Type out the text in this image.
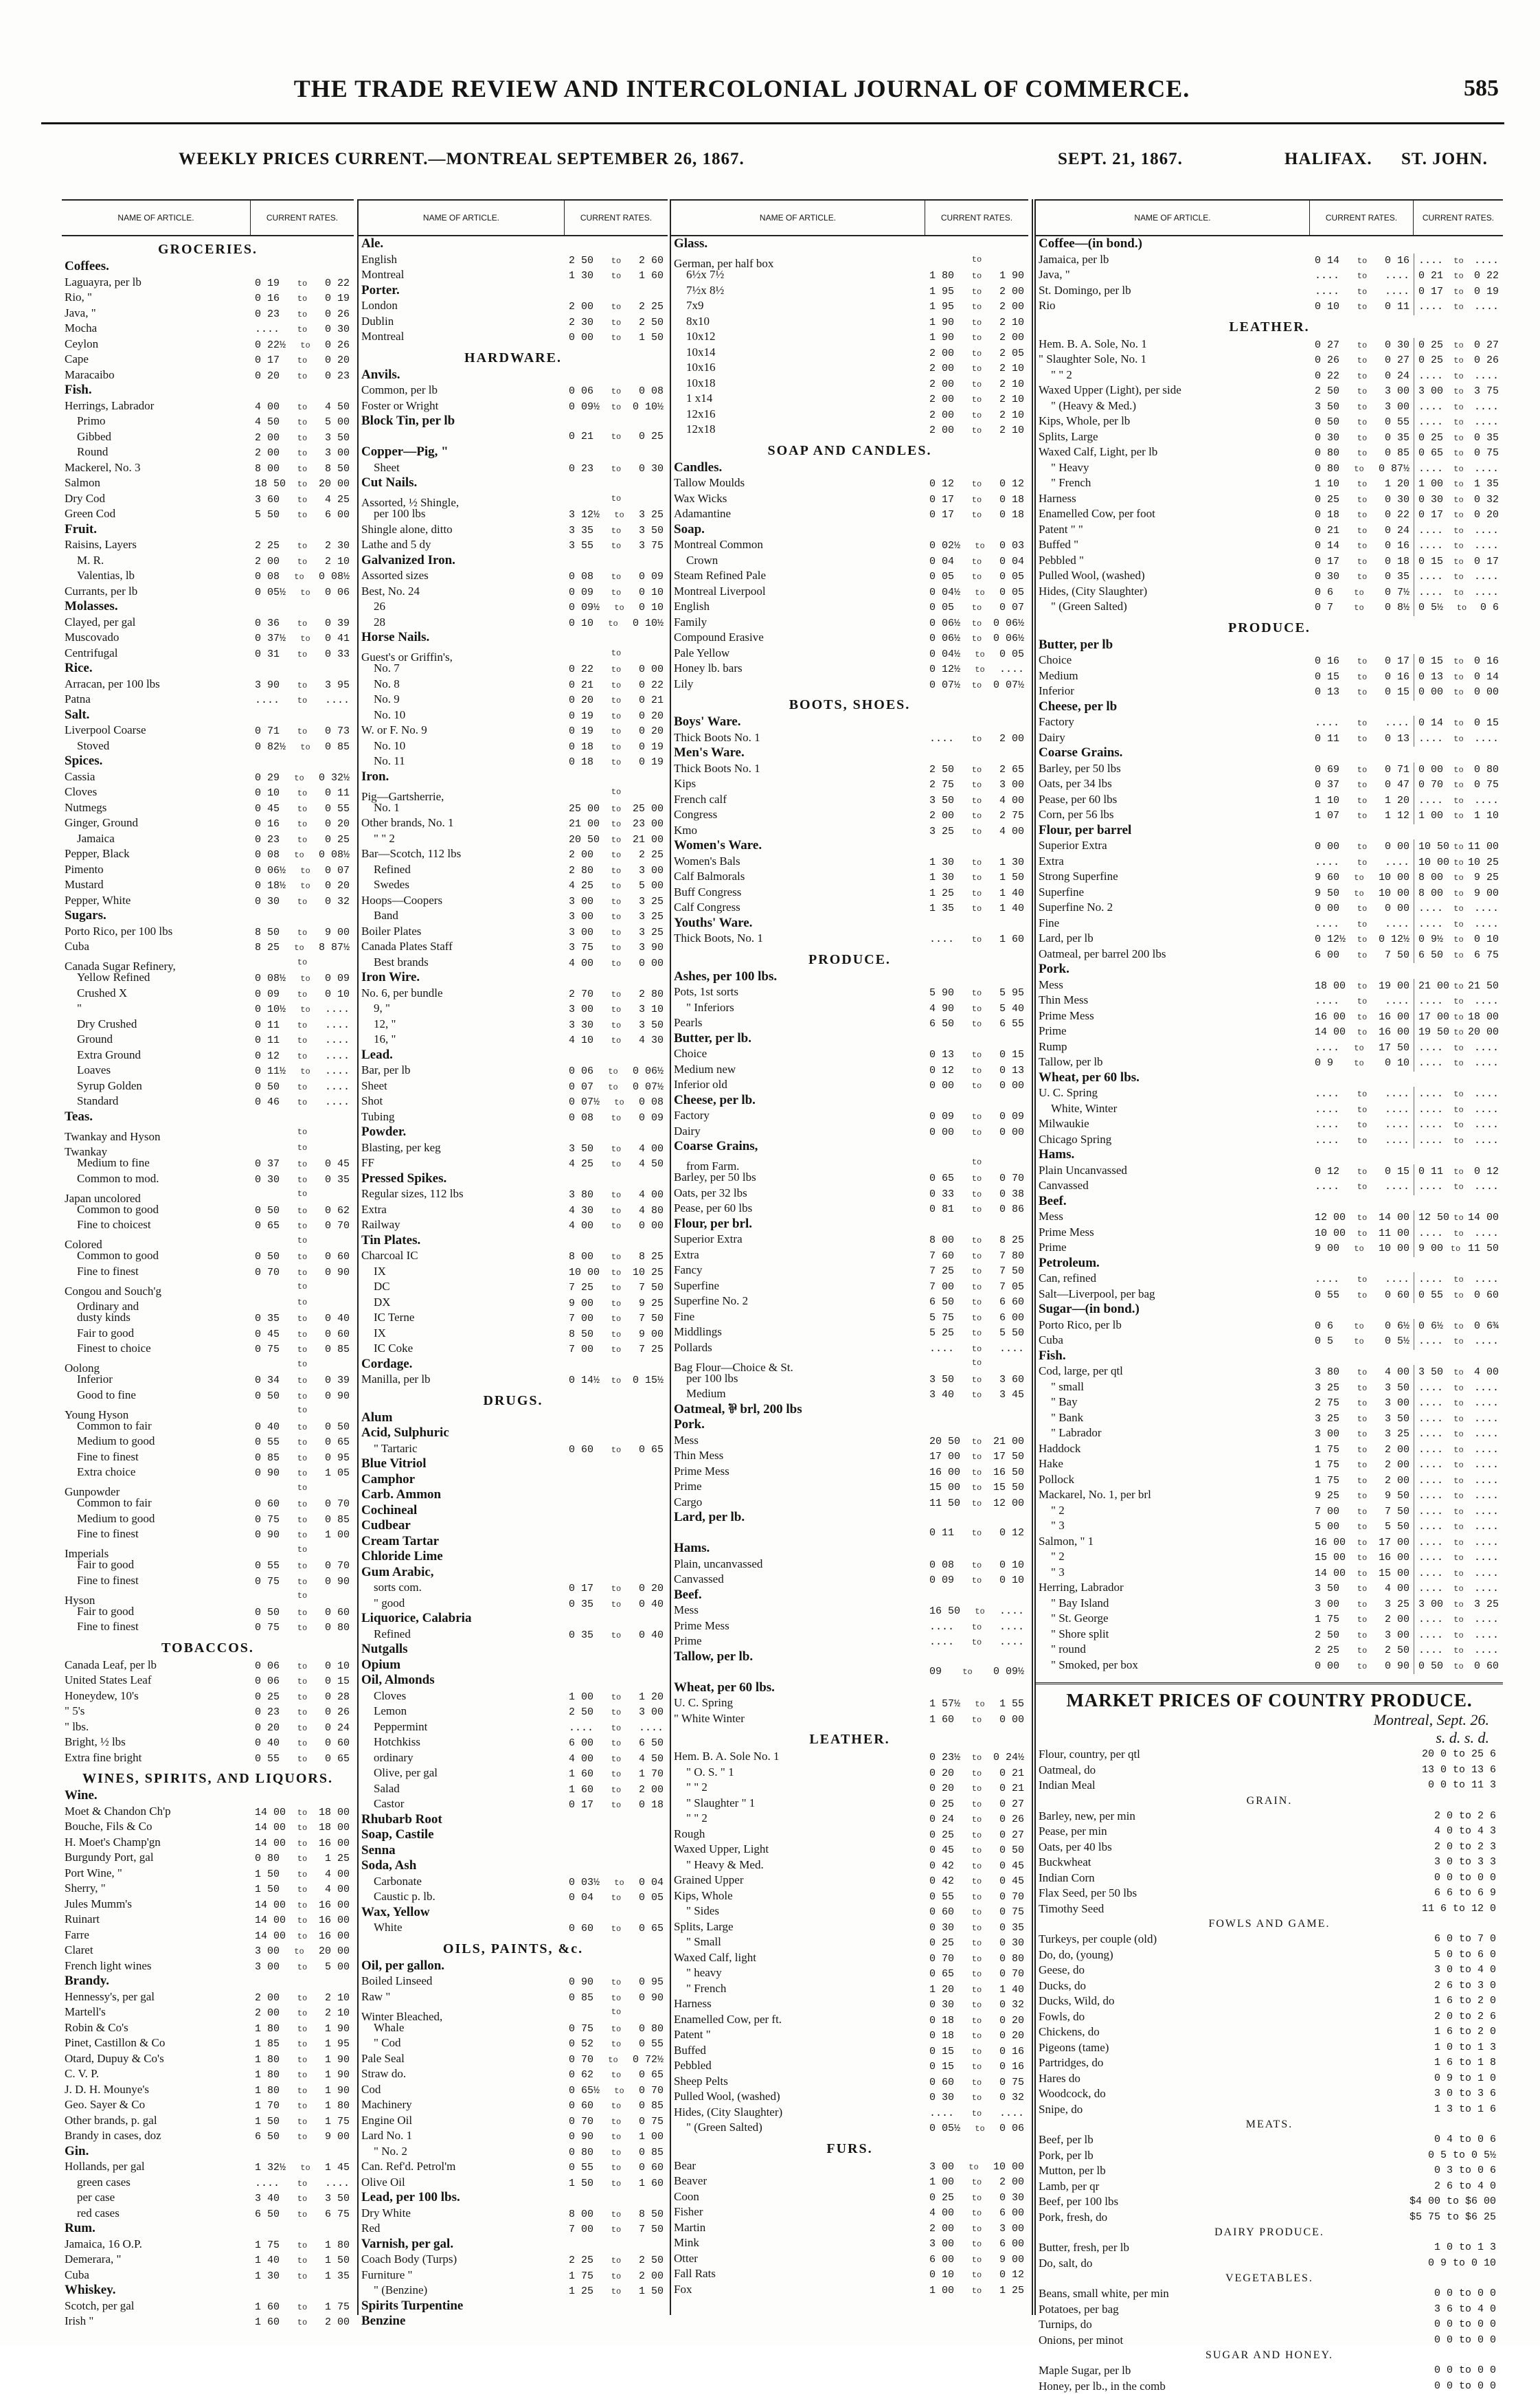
THE TRADE REVIEW AND INTERCOLONIAL JOURNAL OF COMMERCE.	585
WEEKLY PRICES CURRENT.—MONTREAL SEPTEMBER 26, 1867.	SEPT. 21, 1867.	HALIFAX. ST. JOHN.
NAME OF ARTICLE.	CURRENT RATES.
GROCERIES.
Coffees.
Laguayra, per lb	0 19 to 0 22
Rio, "	0 16 to 0 19
Java, "	0 23 to 0 26
Mocha	.... to 0 30
Ceylon	0 22½ to 0 26
Cape	0 17 to 0 20
Maracaibo	0 20 to 0 23
Fish.
Herrings, Labrador	4 00 to 4 50
Primo	4 50 to 5 00
Gibbed	2 00 to 3 50
Round	2 00 to 3 00
Mackerel, No. 3	8 00 to 8 50
Salmon	18 50 to 20 00
Dry Cod	3 60 to 4 25
Green Cod	5 50 to 6 00
Fruit.
Raisins, Layers	2 25 to 2 30
M. R.	2 00 to 2 10
Valentias, lb	0 08 to 0 08½
Currants, per lb	0 05½ to 0 06
Molasses.
Clayed, per gal	0 36 to 0 39
Muscovado	0 37½ to 0 41
Centrifugal	0 31 to 0 33
Rice.
Arracan, per 100 lbs	3 90 to 3 95
Patna	.... to ....
Salt.
Liverpool Coarse	0 71 to 0 73
Stoved	0 82½ to 0 85
Spices.
Cassia	0 29 to 0 32½
Cloves	0 10 to 0 11
Nutmegs	0 45 to 0 55
Ginger, Ground	0 16 to 0 20
Jamaica	0 23 to 0 25
Pepper, Black	0 08 to 0 08½
Pimento	0 06½ to 0 07
Mustard	0 18½ to 0 20
Pepper, White	0 30 to 0 32
Sugars.
Porto Rico, per 100 lbs	8 50 to 9 00
Cuba	8 25 to 8 87½
Canada Sugar Refinery,	to
Yellow Refined	0 08½ to 0 09
Crushed X	0 09 to 0 10
"	0 10½ to ....
Dry Crushed	0 11 to ....
Ground	0 11 to ....
Extra Ground	0 12 to ....
Loaves	0 11½ to ....
Syrup Golden	0 50 to ....
Standard	0 46 to ....
Teas.
Twankay and Hyson	to
Twankay	to
Medium to fine	0 37 to 0 45
Common to mod.	0 30 to 0 35
Japan uncolored	to
Common to good	0 50 to 0 62
Fine to choicest	0 65 to 0 70
Colored	to
Common to good	0 50 to 0 60
Fine to finest	0 70 to 0 90
Congou and Souch'g	to
Ordinary and	to
dusty kinds	0 35 to 0 40
Fair to good	0 45 to 0 60
Finest to choice	0 75 to 0 85
Oolong	to
Inferior	0 34 to 0 39
Good to fine	0 50 to 0 90
Young Hyson	to
Common to fair	0 40 to 0 50
Medium to good	0 55 to 0 65
Fine to finest	0 85 to 0 95
Extra choice	0 90 to 1 05
Gunpowder	to
Common to fair	0 60 to 0 70
Medium to good	0 75 to 0 85
Fine to finest	0 90 to 1 00
Imperials	to
Fair to good	0 55 to 0 70
Fine to finest	0 75 to 0 90
Hyson	to
Fair to good	0 50 to 0 60
Fine to finest	0 75 to 0 80
TOBACCOS.
Canada Leaf, per lb	0 06 to 0 10
United States Leaf	0 06 to 0 15
Honeydew, 10's	0 25 to 0 28
" 5's	0 23 to 0 26
" lbs.	0 20 to 0 24
Bright, ½ lbs	0 40 to 0 60
Extra fine bright	0 55 to 0 65
WINES, SPIRITS, AND LIQUORS.
Wine.
Moet & Chandon Ch'p	14 00 to 18 00
Bouche, Fils & Co	14 00 to 18 00
H. Moet's Champ'gn	14 00 to 16 00
Burgundy Port, gal	0 80 to 1 25
Port Wine, "	1 50 to 4 00
Sherry, "	1 50 to 4 00
Jules Mumm's	14 00 to 16 00
Ruinart	14 00 to 16 00
Farre	14 00 to 16 00
Claret	3 00 to 20 00
French light wines	3 00 to 5 00
Brandy.
Hennessy's, per gal	2 00 to 2 10
Martell's	2 00 to 2 10
Robin & Co's	1 80 to 1 90
Pinet, Castillon & Co	1 85 to 1 95
Otard, Dupuy & Co's	1 80 to 1 90
C. V. P.	1 80 to 1 90
J. D. H. Mounye's	1 80 to 1 90
Geo. Sayer & Co	1 70 to 1 80
Other brands, p. gal	1 50 to 1 75
Brandy in cases, doz	6 50 to 9 00
Gin.
Hollands, per gal	1 32½ to 1 45
green cases	.... to ....
per case	3 40 to 3 50
red cases	6 50 to 6 75
Rum.
Jamaica, 16 O.P.	1 75 to 1 80
Demerara, "	1 40 to 1 50
Cuba	1 30 to 1 35
Whiskey.
Scotch, per gal	1 60 to 1 75
Irish "	1 60 to 2 00
NAME OF ARTICLE.	CURRENT RATES.
Ale.
English	2 50 to 2 60
Montreal	1 30 to 1 60
Porter.
London	2 00 to 2 25
Dublin	2 30 to 2 50
Montreal	0 00 to 1 50
HARDWARE.
Anvils.
Common, per lb	0 06 to 0 08
Foster or Wright	0 09½ to 0 10½
Block Tin, per lb
0 21 to 0 25
Copper—Pig, "
Sheet	0 23 to 0 30
Cut Nails.
Assorted, ½ Shingle,	to
per 100 lbs	3 12½ to 3 25
Shingle alone, ditto	3 35 to 3 50
Lathe and 5 dy	3 55 to 3 75
Galvanized Iron.
Assorted sizes	0 08 to 0 09
Best, No. 24	0 09 to 0 10
26	0 09½ to 0 10
28	0 10 to 0 10½
Horse Nails.
Guest's or Griffin's,	to
No. 7	0 22 to 0 00
No. 8	0 21 to 0 22
No. 9	0 20 to 0 21
No. 10	0 19 to 0 20
W. or F. No. 9	0 19 to 0 20
No. 10	0 18 to 0 19
No. 11	0 18 to 0 19
Iron.
Pig—Gartsherrie,	to
No. 1	25 00 to 25 00
Other brands, No. 1	21 00 to 23 00
" " 2	20 50 to 21 00
Bar—Scotch, 112 lbs	2 00 to 2 25
Refined	2 80 to 3 00
Swedes	4 25 to 5 00
Hoops—Coopers	3 00 to 3 25
Band	3 00 to 3 25
Boiler Plates	3 00 to 3 25
Canada Plates Staff	3 75 to 3 90
Best brands	4 00 to 0 00
Iron Wire.
No. 6, per bundle	2 70 to 2 80
9, "	3 00 to 3 10
12, "	3 30 to 3 50
16, "	4 10 to 4 30
Lead.
Bar, per lb	0 06 to 0 06½
Sheet	0 07 to 0 07½
Shot	0 07½ to 0 08
Tubing	0 08 to 0 09
Powder.
Blasting, per keg	3 50 to 4 00
FF	4 25 to 4 50
Pressed Spikes.
Regular sizes, 112 lbs	3 80 to 4 00
Extra	4 30 to 4 80
Railway	4 00 to 0 00
Tin Plates.
Charcoal IC	8 00 to 8 25
IX	10 00 to 10 25
DC	7 25 to 7 50
DX	9 00 to 9 25
IC Terne	7 00 to 7 50
IX	8 50 to 9 00
IC Coke	7 00 to 7 25
Cordage.
Manilla, per lb	0 14½ to 0 15½
DRUGS.
Alum
Acid, Sulphuric
" Tartaric	0 60 to 0 65
Blue Vitriol
Camphor
Carb. Ammon
Cochineal
Cudbear
Cream Tartar
Chloride Lime
Gum Arabic,
sorts com.	0 17 to 0 20
" good	0 35 to 0 40
Liquorice, Calabria
Refined	0 35 to 0 40
Nutgalls
Opium
Oil, Almonds
Cloves	1 00 to 1 20
Lemon	2 50 to 3 00
Peppermint	.... to ....
Hotchkiss	6 00 to 6 50
ordinary	4 00 to 4 50
Olive, per gal	1 60 to 1 70
Salad	1 60 to 2 00
Castor	0 17 to 0 18
Rhubarb Root
Soap, Castile
Senna
Soda, Ash
Carbonate	0 03½ to 0 04
Caustic p. lb.	0 04 to 0 05
Wax, Yellow
White	0 60 to 0 65
OILS, PAINTS, &c.
Oil, per gallon.
Boiled Linseed	0 90 to 0 95
Raw "	0 85 to 0 90
Winter Bleached,	to
Whale	0 75 to 0 80
" Cod	0 52 to 0 55
Pale Seal	0 70 to 0 72½
Straw do.	0 62 to 0 65
Cod	0 65½ to 0 70
Machinery	0 60 to 0 85
Engine Oil	0 70 to 0 75
Lard No. 1	0 90 to 1 00
" No. 2	0 80 to 0 85
Can. Ref'd. Petrol'm	0 55 to 0 60
Olive Oil	1 50 to 1 60
Lead, per 100 lbs.
Dry White	8 00 to 8 50
Red	7 00 to 7 50
Varnish, per gal.
Coach Body (Turps)	2 25 to 2 50
Furniture "	1 75 to 2 00
" (Benzine)	1 25 to 1 50
Spirits Turpentine
Benzine
NAME OF ARTICLE.	CURRENT RATES.
Glass.
German, per half box	to
6½x 7½	1 80 to 1 90
7½x 8½	1 95 to 2 00
7x9	1 95 to 2 00
8x10	1 90 to 2 10
10x12	1 90 to 2 00
10x14	2 00 to 2 05
10x16	2 00 to 2 10
10x18	2 00 to 2 10
1 x14	2 00 to 2 10
12x16	2 00 to 2 10
12x18	2 00 to 2 10
SOAP AND CANDLES.
Candles.
Tallow Moulds	0 12 to 0 12
Wax Wicks	0 17 to 0 18
Adamantine	0 17 to 0 18
Soap.
Montreal Common	0 02½ to 0 03
Crown	0 04 to 0 04
Steam Refined Pale	0 05 to 0 05
Montreal Liverpool	0 04½ to 0 05
English	0 05 to 0 07
Family	0 06½ to 0 06½
Compound Erasive	0 06½ to 0 06½
Pale Yellow	0 04½ to 0 05
Honey lb. bars	0 12½ to ....
Lily	0 07½ to 0 07½
BOOTS, SHOES.
Boys' Ware.
Thick Boots No. 1	.... to 2 00
Men's Ware.
Thick Boots No. 1	2 50 to 2 65
Kips	2 75 to 3 00
French calf	3 50 to 4 00
Congress	2 00 to 2 75
Kmo	3 25 to 4 00
Women's Ware.
Women's Bals	1 30 to 1 30
Calf Balmorals	1 30 to 1 50
Buff Congress	1 25 to 1 40
Calf Congress	1 35 to 1 40
Youths' Ware.
Thick Boots, No. 1	.... to 1 60
PRODUCE.
Ashes, per 100 lbs.
Pots, 1st sorts	5 90 to 5 95
" Inferiors	4 90 to 5 40
Pearls	6 50 to 6 55
Butter, per lb.
Choice	0 13 to 0 15
Medium new	0 12 to 0 13
Inferior old	0 00 to 0 00
Cheese, per lb.
Factory	0 09 to 0 09
Dairy	0 00 to 0 00
Coarse Grains,
from Farm.	to
Barley, per 50 lbs	0 65 to 0 70
Oats, per 32 lbs	0 33 to 0 38
Pease, per 60 lbs	0 81 to 0 86
Flour, per brl.
Superior Extra	8 00 to 8 25
Extra	7 60 to 7 80
Fancy	7 25 to 7 50
Superfine	7 00 to 7 05
Superfine No. 2	6 50 to 6 60
Fine	5 75 to 6 00
Middlings	5 25 to 5 50
Pollards	.... to ....
Bag Flour—Choice & St.	to
per 100 lbs	3 50 to 3 60
Medium	3 40 to 3 45
Oatmeal, ⅌ brl, 200 lbs
Pork.
Mess	20 50 to 21 00
Thin Mess	17 00 to 17 50
Prime Mess	16 00 to 16 50
Prime	15 00 to 15 50
Cargo	11 50 to 12 00
Lard, per lb.
0 11 to 0 12
Hams.
Plain, uncanvassed	0 08 to 0 10
Canvassed	0 09 to 0 10
Beef.
Mess	16 50 to ....
Prime Mess	.... to ....
Prime	.... to ....
Tallow, per lb.
09	to 0 09½
Wheat, per 60 lbs.
U. C. Spring	1 57½ to 1 55
" White Winter	1 60 to 0 00
LEATHER.
Hem. B. A. Sole No. 1	0 23½ to 0 24½
" O. S. " 1	0 20 to 0 21
" " 2	0 20 to 0 21
" Slaughter " 1	0 25 to 0 27
" " 2	0 24 to 0 26
Rough	0 25 to 0 27
Waxed Upper, Light	0 45 to 0 50
" Heavy & Med.	0 42 to 0 45
Grained Upper	0 42 to 0 45
Kips, Whole	0 55 to 0 70
" Sides	0 60 to 0 75
Splits, Large	0 30 to 0 35
" Small	0 25 to 0 30
Waxed Calf, light	0 70 to 0 80
" heavy	0 65 to 0 70
" French	1 20 to 1 40
Harness	0 30 to 0 32
Enamelled Cow, per ft.	0 18 to 0 20
Patent "	0 18 to 0 20
Buffed	0 15 to 0 16
Pebbled	0 15 to 0 16
Sheep Pelts	0 60 to 0 75
Pulled Wool, (washed)	0 30 to 0 32
Hides, (City Slaughter)	.... to ....
" (Green Salted)	0 05½ to 0 06
FURS.
Bear	3 00 to 10 00
Beaver	1 00 to 2 00
Coon	0 25 to 0 30
Fisher	4 00 to 6 00
Martin	2 00 to 3 00
Mink	3 00 to 6 00
Otter	6 00 to 9 00
Fall Rats	0 10 to 0 12
Fox	1 00 to 1 25
NAME OF ARTICLE.	CURRENT RATES.	CURRENT RATES.
Coffee—(in bond.)
Jamaica, per lb	0 14 to 0 16 .... to ....
Java, "	.... to .... 0 21 to 0 22
St. Domingo, per lb	.... to .... 0 17 to 0 19
Rio	0 10 to 0 11 .... to ....
LEATHER.
Hem. B. A. Sole, No. 1	0 27 to 0 30 0 25 to 0 27
" Slaughter Sole, No. 1	0 26 to 0 27 0 25 to 0 26
" " 2	0 22 to 0 24 .... to ....
Waxed Upper (Light), per side	2 50 to 3 00 3 00 to 3 75
" (Heavy & Med.)	3 50 to 3 00 .... to ....
Kips, Whole, per lb	0 50 to 0 55 .... to ....
Splits, Large	0 30 to 0 35 0 25 to 0 35
Waxed Calf, Light, per lb	0 80 to 0 85 0 65 to 0 75
" Heavy	0 80 to 0 87½ .... to ....
" French	1 10 to 1 20 1 00 to 1 35
Harness	0 25 to 0 30 0 30 to 0 32
Enamelled Cow, per foot	0 18 to 0 22 0 17 to 0 20
Patent " "	0 21 to 0 24 .... to ....
Buffed "	0 14 to 0 16 .... to ....
Pebbled "	0 17 to 0 18 0 15 to 0 17
Pulled Wool, (washed)	0 30 to 0 35 .... to ....
Hides, (City Slaughter)	0 6	to 0 7½ .... to ....
" (Green Salted)	0 7	to 0 8½ 0 5½ to 0 6
PRODUCE.
Butter, per lb
Choice	0 16 to 0 17 0 15 to 0 16
Medium	0 15 to 0 16 0 13 to 0 14
Inferior	0 13 to 0 15 0 00 to 0 00
Cheese, per lb
Factory	.... to .... 0 14 to 0 15
Dairy	0 11 to 0 13 .... to ....
Coarse Grains.
Barley, per 50 lbs	0 69 to 0 71 0 00 to 0 80
Oats, per 34 lbs	0 37 to 0 47 0 70 to 0 75
Pease, per 60 lbs	1 10 to 1 20 .... to ....
Corn, per 56 lbs	1 07 to 1 12 1 00 to 1 10
Flour, per barrel
Superior Extra	0 00 to 0 00 10 50 to 11 00
Extra	.... to .... 10 00 to 10 25
Strong Superfine	9 60 to 10 00 8 00 to 9 25
Superfine	9 50 to 10 00 8 00 to 9 00
Superfine No. 2	0 00 to 0 00 .... to ....
Fine	.... to .... .... to ....
Lard, per lb	0 12½ to 0 12½ 0 9½ to 0 10
Oatmeal, per barrel 200 lbs	6 00 to 7 50 6 50 to 6 75
Pork.
Mess	18 00 to 19 00 21 00 to 21 50
Thin Mess	.... to .... .... to ....
Prime Mess	16 00 to 16 00 17 00 to 18 00
Prime	14 00 to 16 00 19 50 to 20 00
Rump	.... to 17 50 .... to ....
Tallow, per lb	0 9	to 0 10 .... to ....
Wheat, per 60 lbs.
U. C. Spring	.... to .... .... to ....
White, Winter	.... to .... .... to ....
Milwaukie	.... to .... .... to ....
Chicago Spring	.... to .... .... to ....
Hams.
Plain Uncanvassed	0 12 to 0 15 0 11 to 0 12
Canvassed	.... to .... .... to ....
Beef.
Mess	12 00 to 14 00 12 50 to 14 00
Prime Mess	10 00 to 11 00 .... to ....
Prime	9 00 to 10 00 9 00 to 11 50
Petroleum.
Can, refined	.... to .... .... to ....
Salt—Liverpool, per bag	0 55 to 0 60 0 55 to 0 60
Sugar—(in bond.)
Porto Rico, per lb	0 6	to 0 6½ 0 6½ to 0 6¾
Cuba	0 5	to 0 5½ .... to ....
Fish.
Cod, large, per qtl	3 80 to 4 00 3 50 to 4 00
" small	3 25 to 3 50 .... to ....
" Bay	2 75 to 3 00 .... to ....
" Bank	3 25 to 3 50 .... to ....
" Labrador	3 00 to 3 25 .... to ....
Haddock	1 75 to 2 00 .... to ....
Hake	1 75 to 2 00 .... to ....
Pollock	1 75 to 2 00 .... to ....
Mackarel, No. 1, per brl	9 25 to 9 50 .... to ....
" 2	7 00 to 7 50 .... to ....
" 3	5 00 to 5 50 .... to ....
Salmon, " 1	16 00 to 17 00 .... to ....
" 2	15 00 to 16 00 .... to ....
" 3	14 00 to 15 00 .... to ....
Herring, Labrador	3 50 to 4 00 .... to ....
" Bay Island	3 00 to 3 25 3 00 to 3 25
" St. George	1 75 to 2 00 .... to ....
" Shore split	2 50 to 3 00 .... to ....
" round	2 25 to 2 50 .... to ....
" Smoked, per box	0 00 to 0 90 0 50 to 0 60
MARKET PRICES OF COUNTRY PRODUCE.
Montreal, Sept. 26.
s. d. s. d.
Flour, country, per qtl	20 0 to 25 6
Oatmeal, do	13 0 to 13 6
Indian Meal	0 0 to 11 3
GRAIN.
Barley, new, per min	2 0 to 2 6
Pease, per min	4 0 to 4 3
Oats, per 40 lbs	2 0 to 2 3
Buckwheat	3 0 to 3 3
Indian Corn	0 0 to 0 0
Flax Seed, per 50 lbs	6 6 to 6 9
Timothy Seed	11 6 to 12 0
FOWLS AND GAME.
Turkeys, per couple (old)	6 0 to 7 0
Do, do, (young)	5 0 to 6 0
Geese, do	3 0 to 4 0
Ducks, do	2 6 to 3 0
Ducks, Wild, do	1 6 to 2 0
Fowls, do	2 0 to 2 6
Chickens, do	1 6 to 2 0
Pigeons (tame)	1 0 to 1 3
Partridges, do	1 6 to 1 8
Hares do	0 9 to 1 0
Woodcock, do	3 0 to 3 6
Snipe, do	1 3 to 1 6
MEATS.
Beef, per lb	0 4 to 0 6
Pork, per lb	0 5 to 0 5½
Mutton, per lb	0 3 to 0 6
Lamb, per qr	2 6 to 4 0
Beef, per 100 lbs	$4 00 to $6 00
Pork, fresh, do	$5 75 to $6 25
DAIRY PRODUCE.
Butter, fresh, per lb	1 0 to 1 3
Do, salt, do	0 9 to 0 10
VEGETABLES.
Beans, small white, per min	0 0 to 0 0
Potatoes, per bag	3 6 to 4 0
Turnips, do	0 0 to 0 0
Onions, per minot	0 0 to 0 0
SUGAR AND HONEY.
Maple Sugar, per lb	0 0 to 0 0
Honey, per lb., in the comb	0 0 to 0 0
